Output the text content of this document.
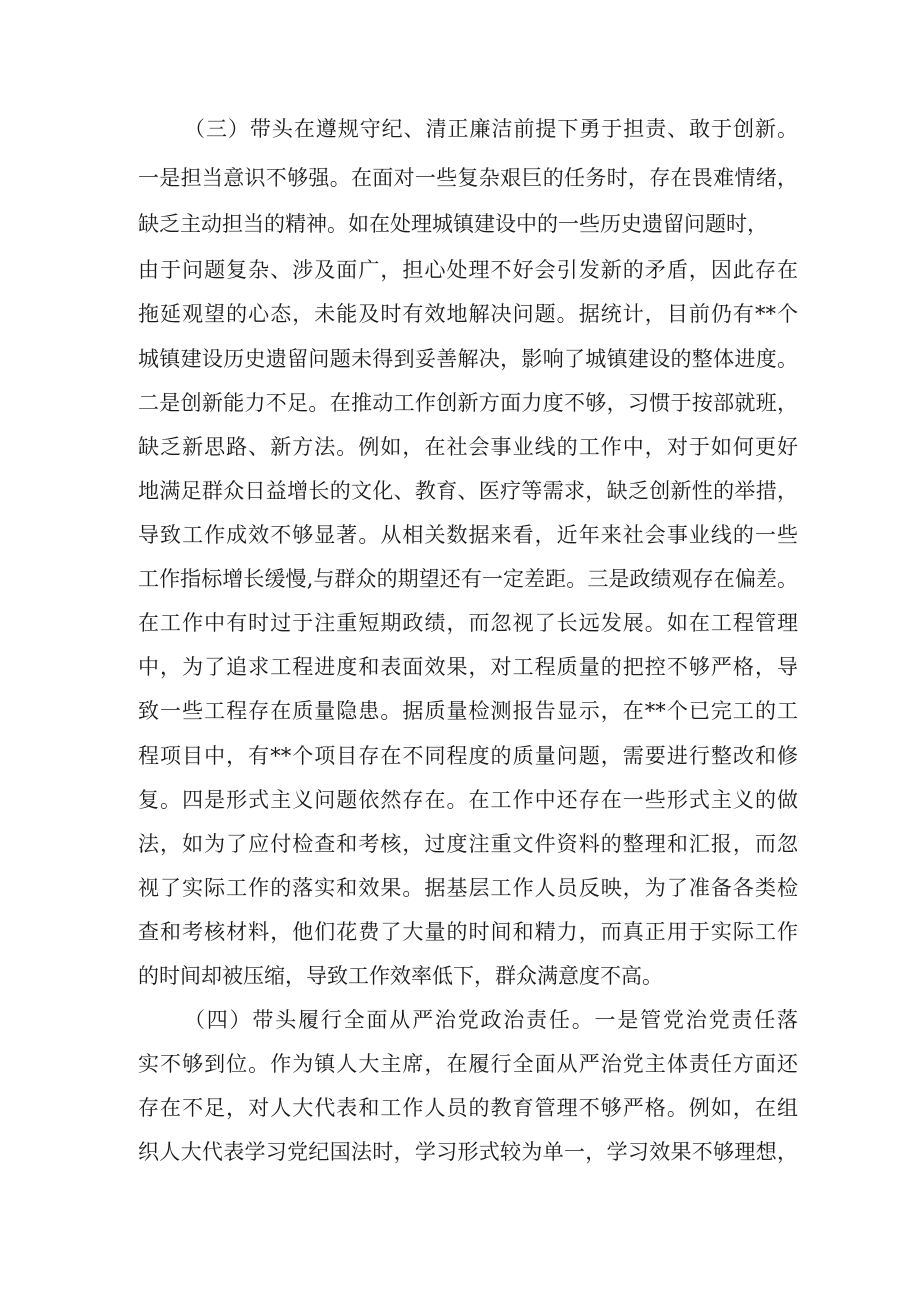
（三）带头在遵规守纪、清正廉洁前提下勇于担责、敢于创新。
一是担当意识不够强。在面对一些复杂艰巨的任务时，存在畏难情绪，
缺乏主动担当的精神。如在处理城镇建设中的一些历史遗留问题时，
由于问题复杂、涉及面广，担心处理不好会引发新的矛盾，因此存在
拖延观望的心态，未能及时有效地解决问题。据统计，目前仍有**个
城镇建设历史遗留问题未得到妥善解决，影响了城镇建设的整体进度。
二是创新能力不足。在推动工作创新方面力度不够，习惯于按部就班，
缺乏新思路、新方法。例如，在社会事业线的工作中，对于如何更好
地满足群众日益增长的文化、教育、医疗等需求，缺乏创新性的举措，
导致工作成效不够显著。从相关数据来看，近年来社会事业线的一些
工作指标增长缓慢,与群众的期望还有一定差距。三是政绩观存在偏差。
在工作中有时过于注重短期政绩，而忽视了长远发展。如在工程管理
中，为了追求工程进度和表面效果，对工程质量的把控不够严格，导
致一些工程存在质量隐患。据质量检测报告显示，在**个已完工的工
程项目中，有**个项目存在不同程度的质量问题，需要进行整改和修
复。四是形式主义问题依然存在。在工作中还存在一些形式主义的做
法，如为了应付检查和考核，过度注重文件资料的整理和汇报，而忽
视了实际工作的落实和效果。据基层工作人员反映，为了准备各类检
查和考核材料，他们花费了大量的时间和精力，而真正用于实际工作
的时间却被压缩，导致工作效率低下，群众满意度不高。
（四）带头履行全面从严治党政治责任。一是管党治党责任落
实不够到位。作为镇人大主席，在履行全面从严治党主体责任方面还
存在不足，对人大代表和工作人员的教育管理不够严格。例如，在组
织人大代表学习党纪国法时，学习形式较为单一，学习效果不够理想，
